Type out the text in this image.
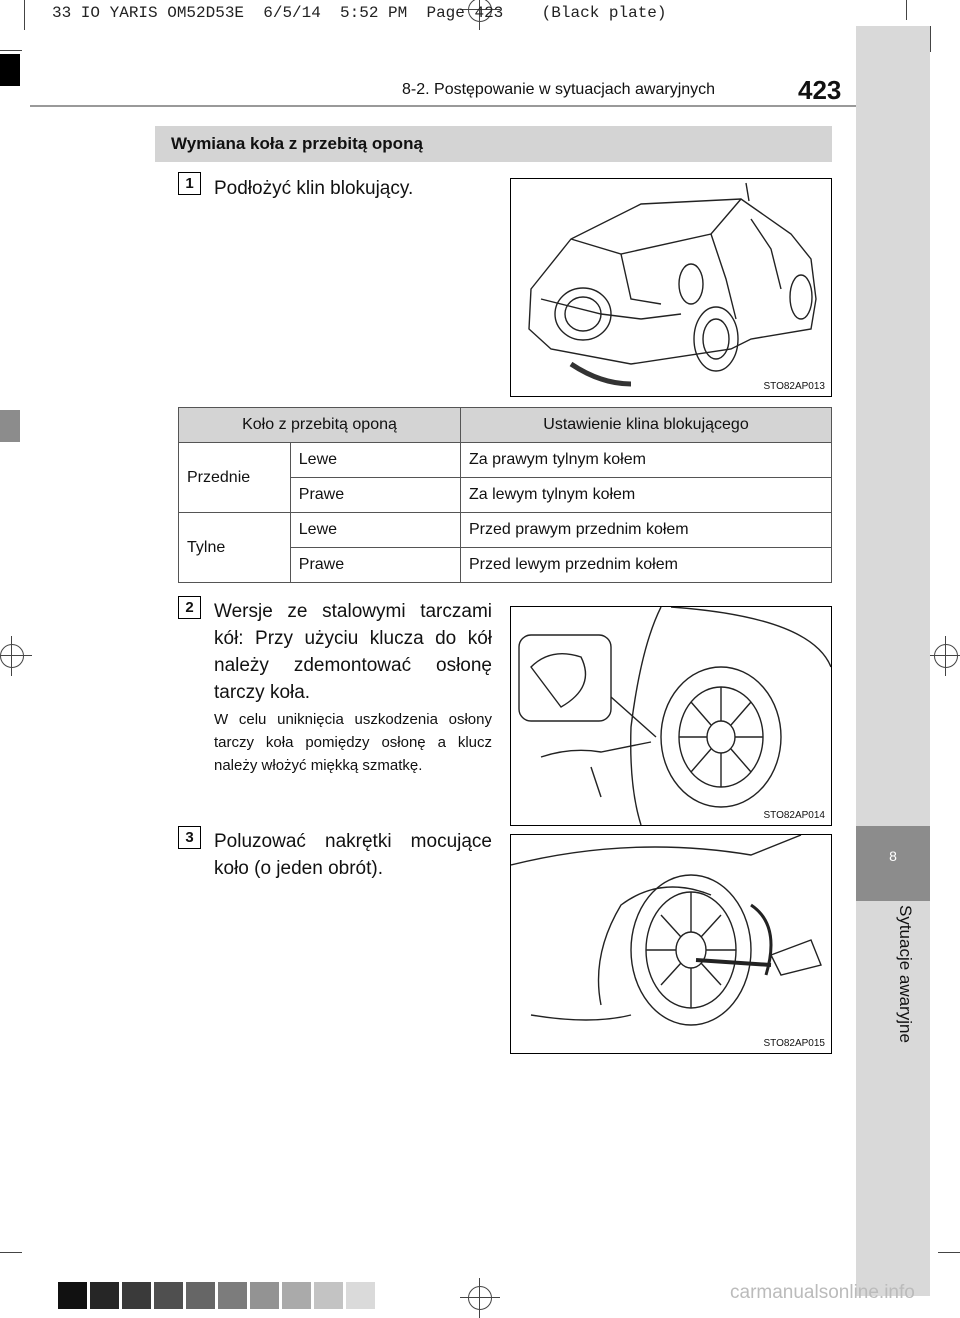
33 IO YARIS OM52D53E  6/5/14  5:52 PM  Page 423    (Black plate)
8
Sytuacje awaryjne
8-2. Postępowanie w sytuacjach awaryjnych	423
Wymiana koła z przebitą oponą
1	Podłożyć klin blokujący.
STO82AP013
Koło z przebitą oponą		Ustawienie klina blokującego
Przednie	Lewe	Za prawym tylnym kołem
	Prawe	Za lewym tylnym kołem
Tylne	Lewe	Przed prawym przednim kołem
	Prawe	Przed lewym przednim kołem
2	Wersje ze stalowymi tarczami kół: Przy użyciu klucza do kół należy zdemontować osłonę tarczy koła.
W celu uniknięcia uszkodzenia osłony tarczy koła pomiędzy osłonę a klucz należy włożyć miękką szmatkę.
STO82AP014
3	Poluzować nakrętki mocujące koło (o jeden obrót).
STO82AP015
carmanualsonline.info
